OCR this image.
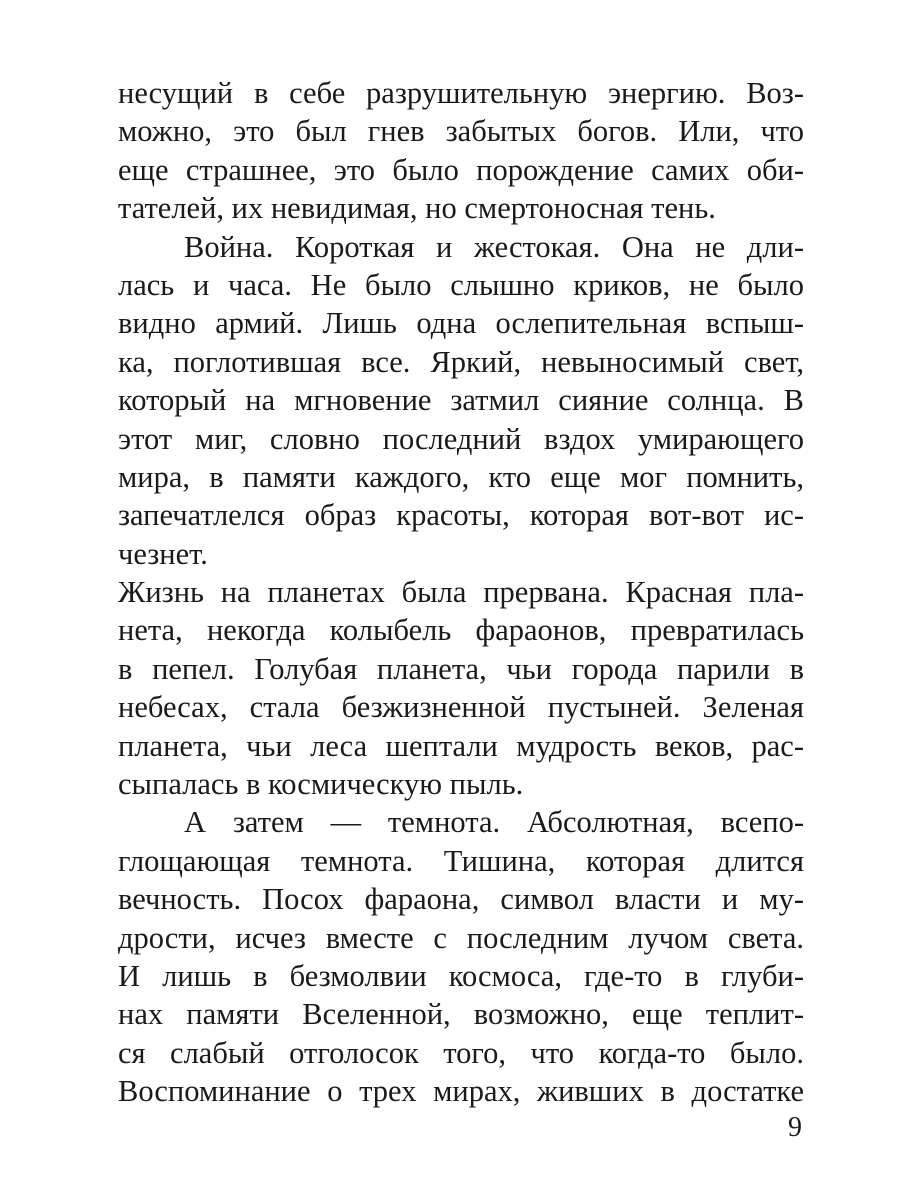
несущий в себе разрушительную энергию. Воз-
можно, это был гнев забытых богов. Или, что
еще страшнее, это было порождение самих оби-
тателей, их невидимая, но смертоносная тень.
Война. Короткая и жестокая. Она не дли-
лась и часа. Не было слышно криков, не было
видно армий. Лишь одна ослепительная вспыш-
ка, поглотившая все. Яркий, невыносимый свет,
который на мгновение затмил сияние солнца. В
этот миг, словно последний вздох умирающего
мира, в памяти каждого, кто еще мог помнить,
запечатлелся образ красоты, которая вот-вот ис-
чезнет.
Жизнь на планетах была прервана. Красная пла-
нета, некогда колыбель фараонов, превратилась
в пепел. Голубая планета, чьи города парили в
небесах, стала безжизненной пустыней. Зеленая
планета, чьи леса шептали мудрость веков, рас-
сыпалась в космическую пыль.
А затем — темнота. Абсолютная, всепо-
глощающая темнота. Тишина, которая длится
вечность. Посох фараона, символ власти и му-
дрости, исчез вместе с последним лучом света.
И лишь в безмолвии космоса, где-то в глуби-
нах памяти Вселенной, возможно, еще теплит-
ся слабый отголосок того, что когда-то было.
Воспоминание о трех мирах, живших в достатке
9
